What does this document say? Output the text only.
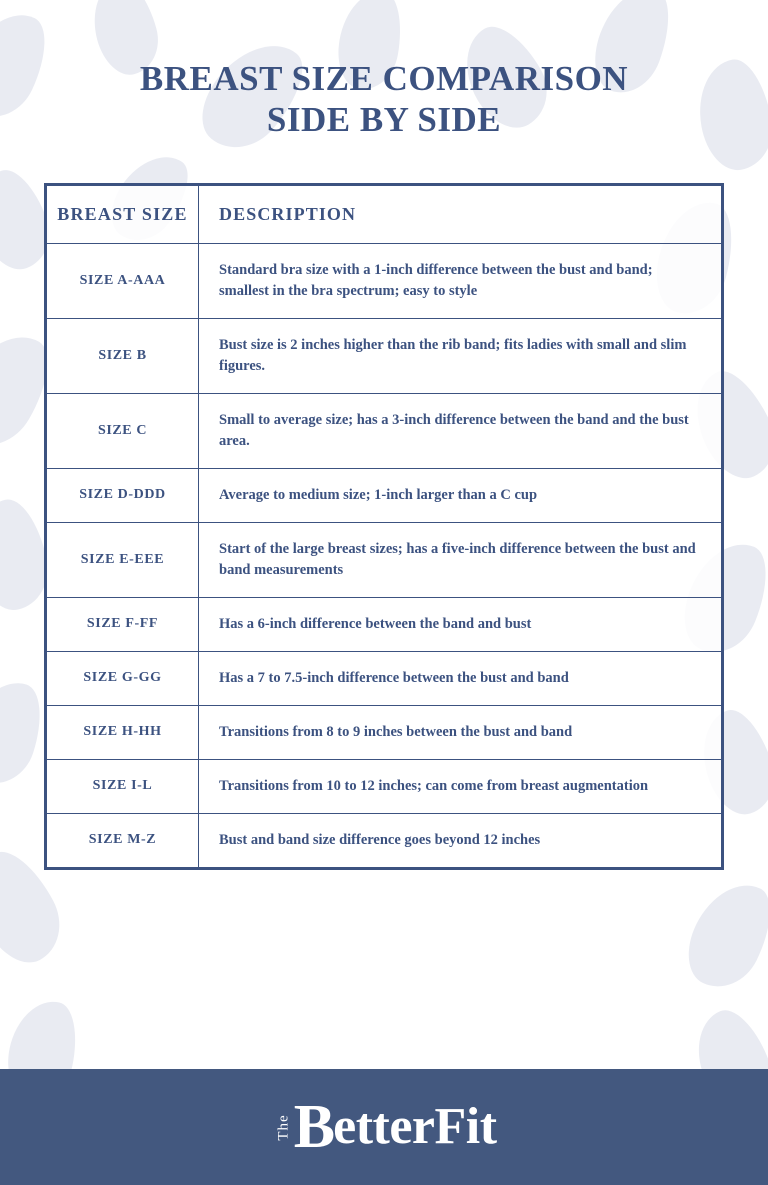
BREAST SIZE COMPARISON
SIDE BY SIDE
BREAST SIZE	DESCRIPTION
SIZE A-AAA	Standard bra size with a 1-inch difference between the bust and band; smallest in the bra spectrum; easy to style
SIZE B	Bust size is 2 inches higher than the rib band; fits ladies with small and slim figures.
SIZE C	Small to average size; has a 3-inch difference between the band and the bust area.
SIZE D-DDD	Average to medium size; 1-inch larger than a C cup
SIZE E-EEE	Start of the large breast sizes; has a five-inch difference between the bust and band measurements
SIZE F-FF	Has a 6-inch difference between the band and bust
SIZE G-GG	Has a 7 to 7.5-inch difference between the bust and band
SIZE H-HH	Transitions from 8 to 9 inches between the bust and band
SIZE I-L	Transitions from 10 to 12 inches; can come from breast augmentation
SIZE M-Z	Bust and band size difference goes beyond 12 inches
The B etterFit
